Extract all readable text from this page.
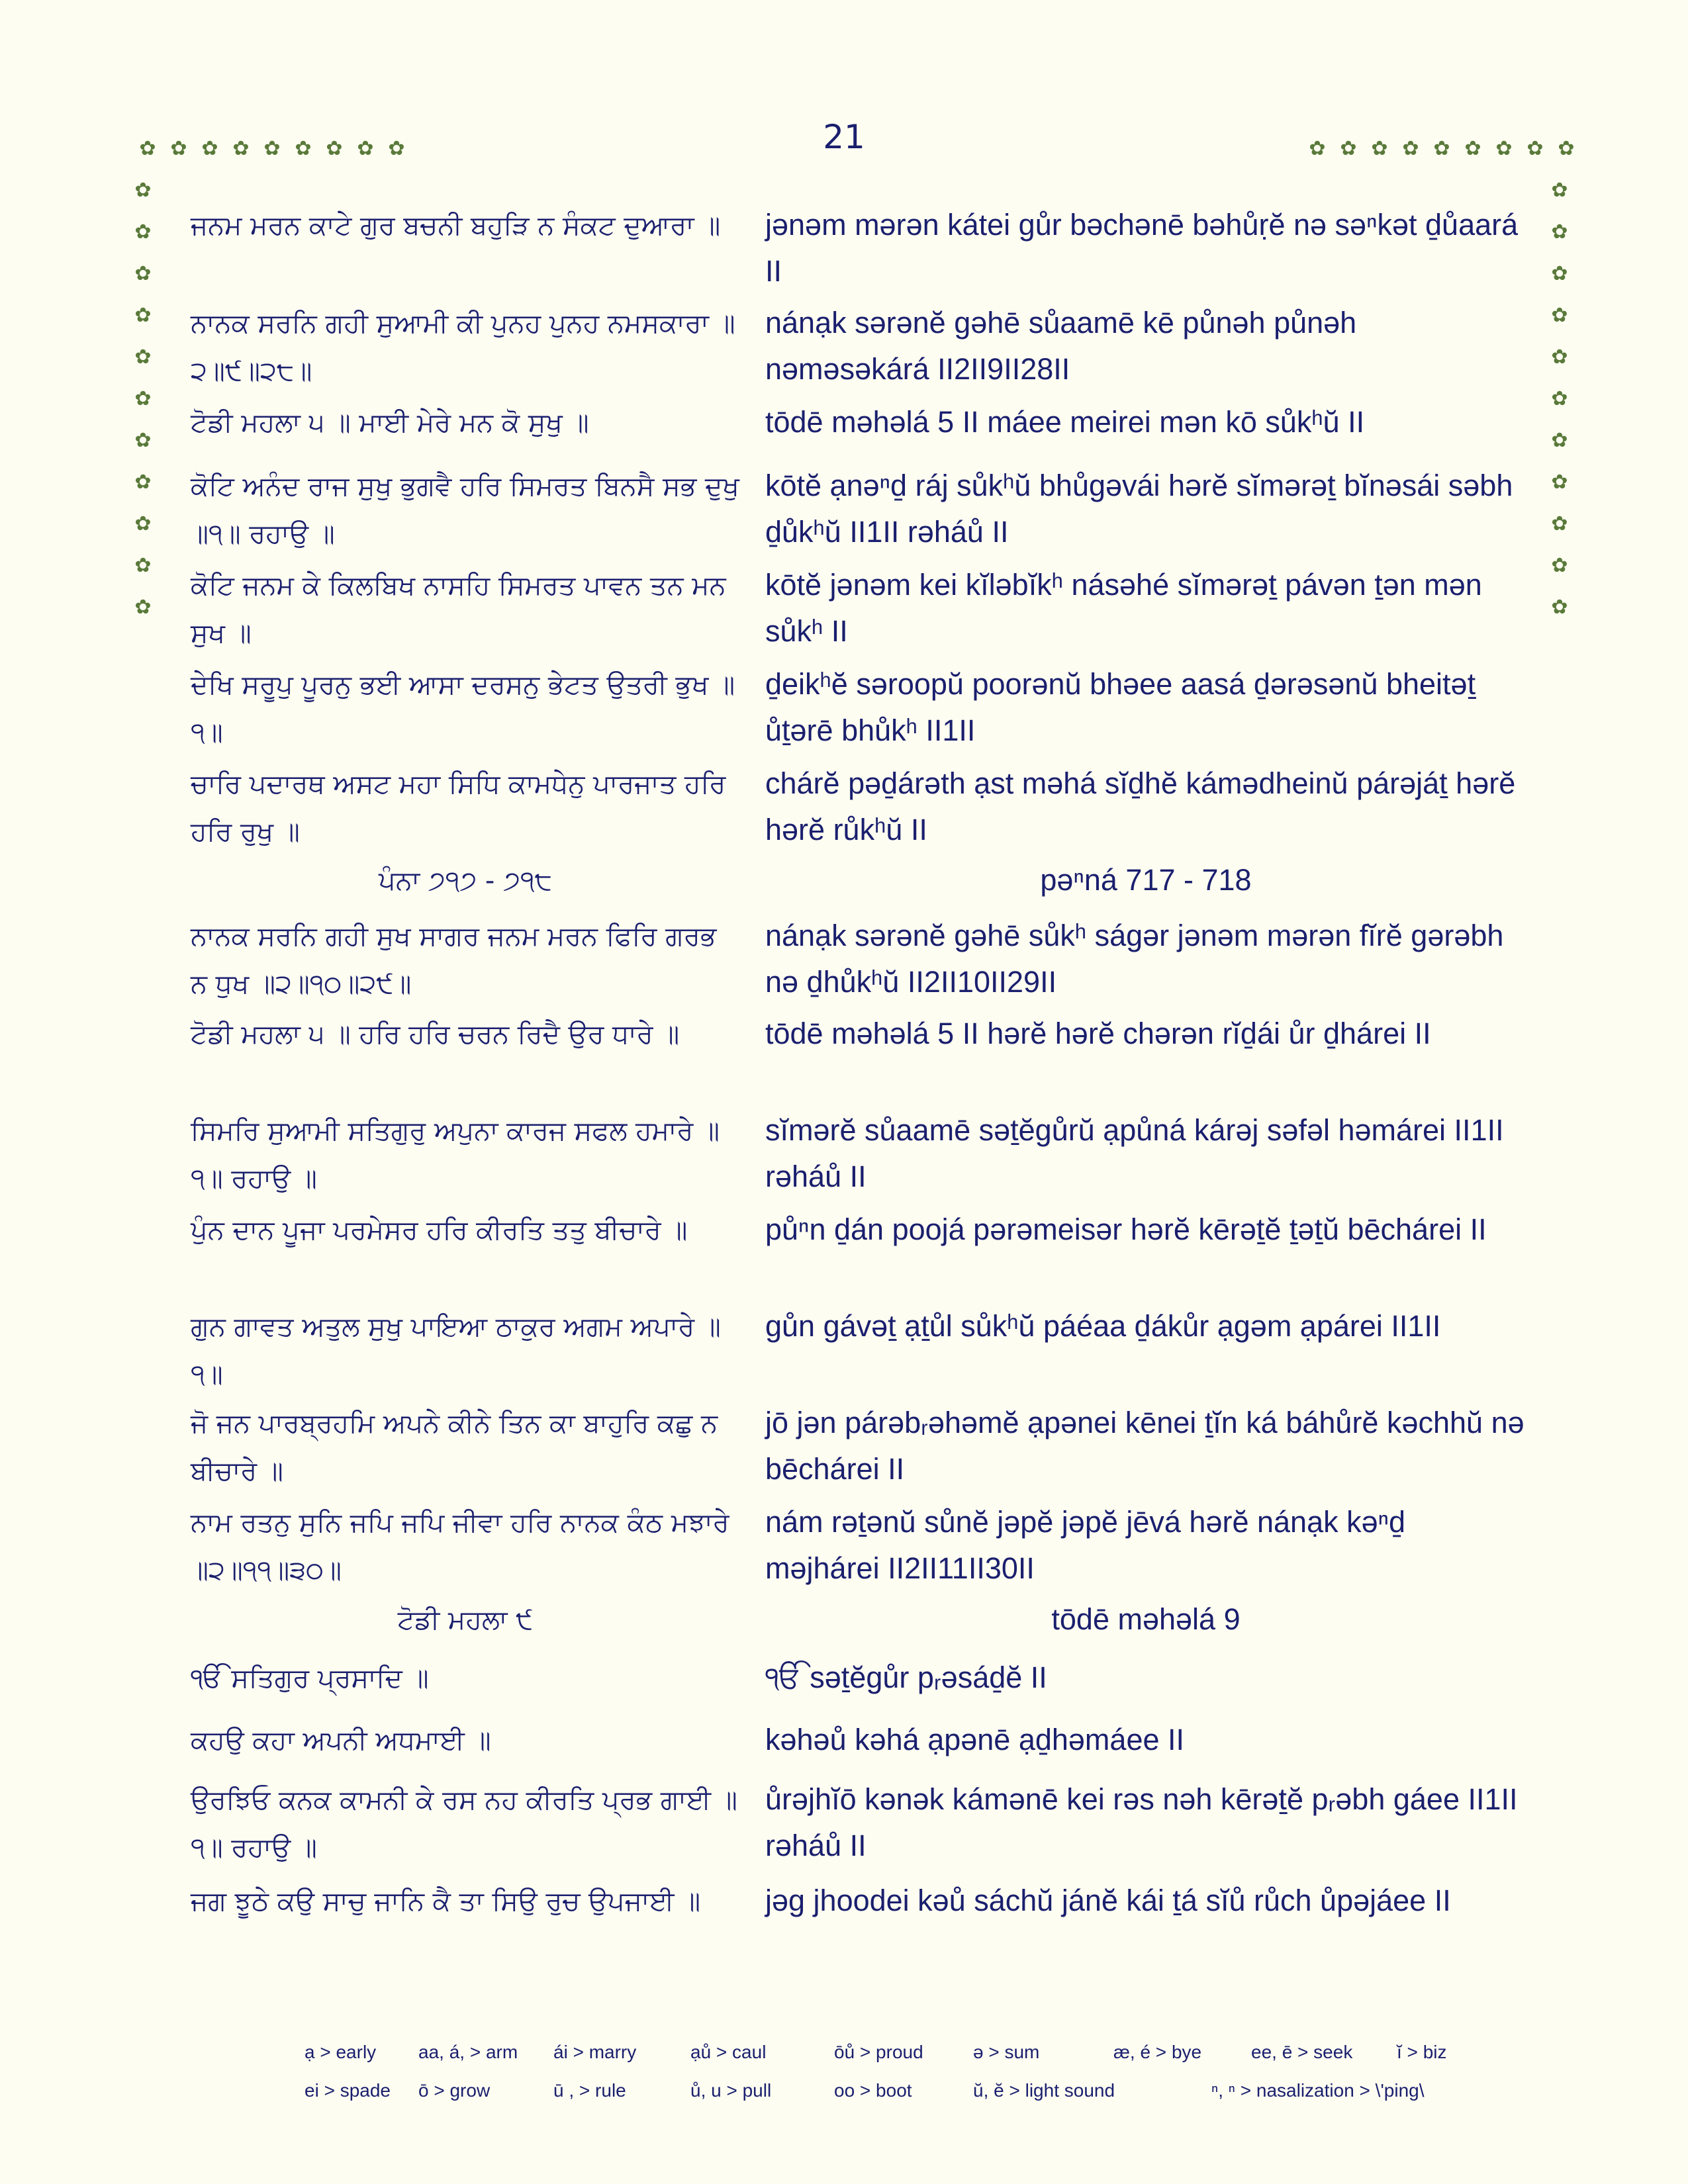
21
✿
✿
✿
✿
✿
✿
✿
✿
✿
✿
✿
✿
✿
✿
✿
✿
✿
✿
✿
✿
✿
✿
✿
✿
✿
✿
✿
✿
✿
✿
✿
✿
✿
✿
✿
✿
✿
✿
✿
✿
ਜਨਮ ਮਰਨ ਕਾਟੇ ਗੁਰ ਬਚਨੀ ਬਹੁੜਿ ਨ ਸੰਕਟ ਦੁਆਰਾ ॥	jənəm mərən kátei gůr bəchənē bəhůṛĕ nə səⁿkət ḏůaará II
ਨਾਨਕ ਸਰਨਿ ਗਹੀ ਸੁਆਮੀ ਕੀ ਪੁਨਹ ਪੁਨਹ ਨਮਸਕਾਰਾ ॥੨॥੯॥੨੮॥
nánạk sərənĕ gəhē sůaamē kē půnəh půnəh nəməsəkárá II2II9II28II
ਟੋਡੀ ਮਹਲਾ ੫ ॥ ਮਾਈ ਮੇਰੇ ਮਨ ਕੋ ਸੁਖੁ ॥	tōdē məhəlá 5 II máee meirei mən kō sůkʰŭ II
ਕੋਟਿ ਅਨੰਦ ਰਾਜ ਸੁਖੁ ਭੁਗਵੈ ਹਰਿ ਸਿਮਰਤ ਬਿਨਸੈ ਸਭ ਦੁਖੁ ॥੧॥ ਰਹਾਉ ॥
kōtĕ ạnəⁿḏ ráj sůkʰŭ bhůgəvái hərĕ sĭmərəṯ bĭnəsái səbh ḏůkʰŭ II1II rəháů II
ਕੋਟਿ ਜਨਮ ਕੇ ਕਿਲਬਿਖ ਨਾਸਹਿ ਸਿਮਰਤ ਪਾਵਨ ਤਨ ਮਨ ਸੁਖ ॥
kōtĕ jənəm kei kĭləbĭkʰ násəhé sĭmərəṯ pávən ṯən mən sůkʰ II
ਦੇਖਿ ਸਰੂਪੁ ਪੂਰਨੁ ਭਈ ਆਸਾ ਦਰਸਨੁ ਭੇਟਤ ਉਤਰੀ ਭੁਖ ॥੧॥
ḏeikʰĕ səroopŭ poorənŭ bhəee aasá ḏərəsənŭ bheitəṯ ůṯərē bhůkʰ II1II
ਚਾਰਿ ਪਦਾਰਥ ਅਸਟ ਮਹਾ ਸਿਧਿ ਕਾਮਧੇਨੁ ਪਾਰਜਾਤ ਹਰਿ ਹਰਿ ਰੁਖੁ ॥
chárĕ pəḏárəth ạst məhá sĭḏhĕ kámədheinŭ párəjáṯ hərĕ hərĕ růkʰŭ II
ਪੰਨਾ ੭੧੭ - ੭੧੮	pəⁿná 717 - 718
ਨਾਨਕ ਸਰਨਿ ਗਹੀ ਸੁਖ ਸਾਗਰ ਜਨਮ ਮਰਨ ਫਿਰਿ ਗਰਭ ਨ ਧੁਖ ॥੨॥੧੦॥੨੯॥
nánạk sərənĕ gəhē sůkʰ ságər jənəm mərən fĭrĕ gərəbh nə ḏhůkʰŭ II2II10II29II
ਟੋਡੀ ਮਹਲਾ ੫ ॥ ਹਰਿ ਹਰਿ ਚਰਨ ਰਿਦੈ ਉਰ ਧਾਰੇ ॥	tōdē məhəlá 5 II hərĕ hərĕ chərən rĭḏái ůr ḏhárei II
ਸਿਮਰਿ ਸੁਆਮੀ ਸਤਿਗੁਰੁ ਅਪੁਨਾ ਕਾਰਜ ਸਫਲ ਹਮਾਰੇ ॥੧॥ ਰਹਾਉ ॥
sĭmərĕ sůaamē səṯĕgůrŭ ạpůná kárəj səfəl həmárei II1II rəháů II
ਪੁੰਨ ਦਾਨ ਪੂਜਾ ਪਰਮੇਸਰ ਹਰਿ ਕੀਰਤਿ ਤਤੁ ਬੀਚਾਰੇ ॥	půⁿn ḏán poojá pərəmeisər hərĕ kērəṯĕ ṯəṯŭ bēchárei II
ਗੁਨ ਗਾਵਤ ਅਤੁਲ ਸੁਖੁ ਪਾਇਆ ਠਾਕੁਰ ਅਗਮ ਅਪਾਰੇ ॥੧॥
gůn gávəṯ ạṯůl sůkʰŭ páéaa ḏákůr ạgəm ạpárei II1II
ਜੋ ਜਨ ਪਾਰਬ੍ਰਹਮਿ ਅਪਨੇ ਕੀਨੇ ਤਿਨ ਕਾ ਬਾਹੁਰਿ ਕਛੁ ਨ ਬੀਚਾਰੇ ॥
jō jən párəbᵣəhəmĕ ạpənei kēnei ṯĭn ká báhůrĕ kəchhŭ nə bēchárei II
ਨਾਮ ਰਤਨੁ ਸੁਨਿ ਜਪਿ ਜਪਿ ਜੀਵਾ ਹਰਿ ਨਾਨਕ ਕੰਠ ਮਝਾਰੇ ॥੨॥੧੧॥੩੦॥
nám rəṯənŭ sůnĕ jəpĕ jəpĕ jēvá hərĕ nánạk kəⁿḏ məjhárei II2II11II30II
ਟੋਡੀ ਮਹਲਾ ੯	tōdē məhəlá 9
ੴ ਸਤਿਗੁਰ ਪ੍ਰਸਾਦਿ ॥	ੴ səṯĕgůr pᵣəsáḏĕ II
ਕਹਉ ਕਹਾ ਅਪਨੀ ਅਧਮਾਈ ॥	kəhəů kəhá ạpənē ạḏhəmáee II
ਉਰਝਿਓ ਕਨਕ ਕਾਮਨੀ ਕੇ ਰਸ ਨਹ ਕੀਰਤਿ ਪ੍ਰਭ ਗਾਈ ॥੧॥ ਰਹਾਉ ॥
ůrəjhĭō kənək kámənē kei rəs nəh kērəṯĕ pᵣəbh gáee II1II rəháů II
ਜਗ ਝੂਠੇ ਕਉ ਸਾਚੁ ਜਾਨਿ ਕੈ ਤਾ ਸਿਉ ਰੁਚ ਉਪਜਾਈ ॥	jəg jhoodei kəů sáchŭ jánĕ kái ṯá sĭů růch ůpəjáee II
ạ > early aa, á, > arm ái > marry	ạů > caul	ōů > proud	ə > sum	æ, é > bye	ee, ē > seek ĭ > biz
ei > spade ō > grow	ū , > rule	ů, u > pull	oo > boot	ŭ, ĕ > light sound	ⁿ, ⁿ > nasalization > \'ping\
